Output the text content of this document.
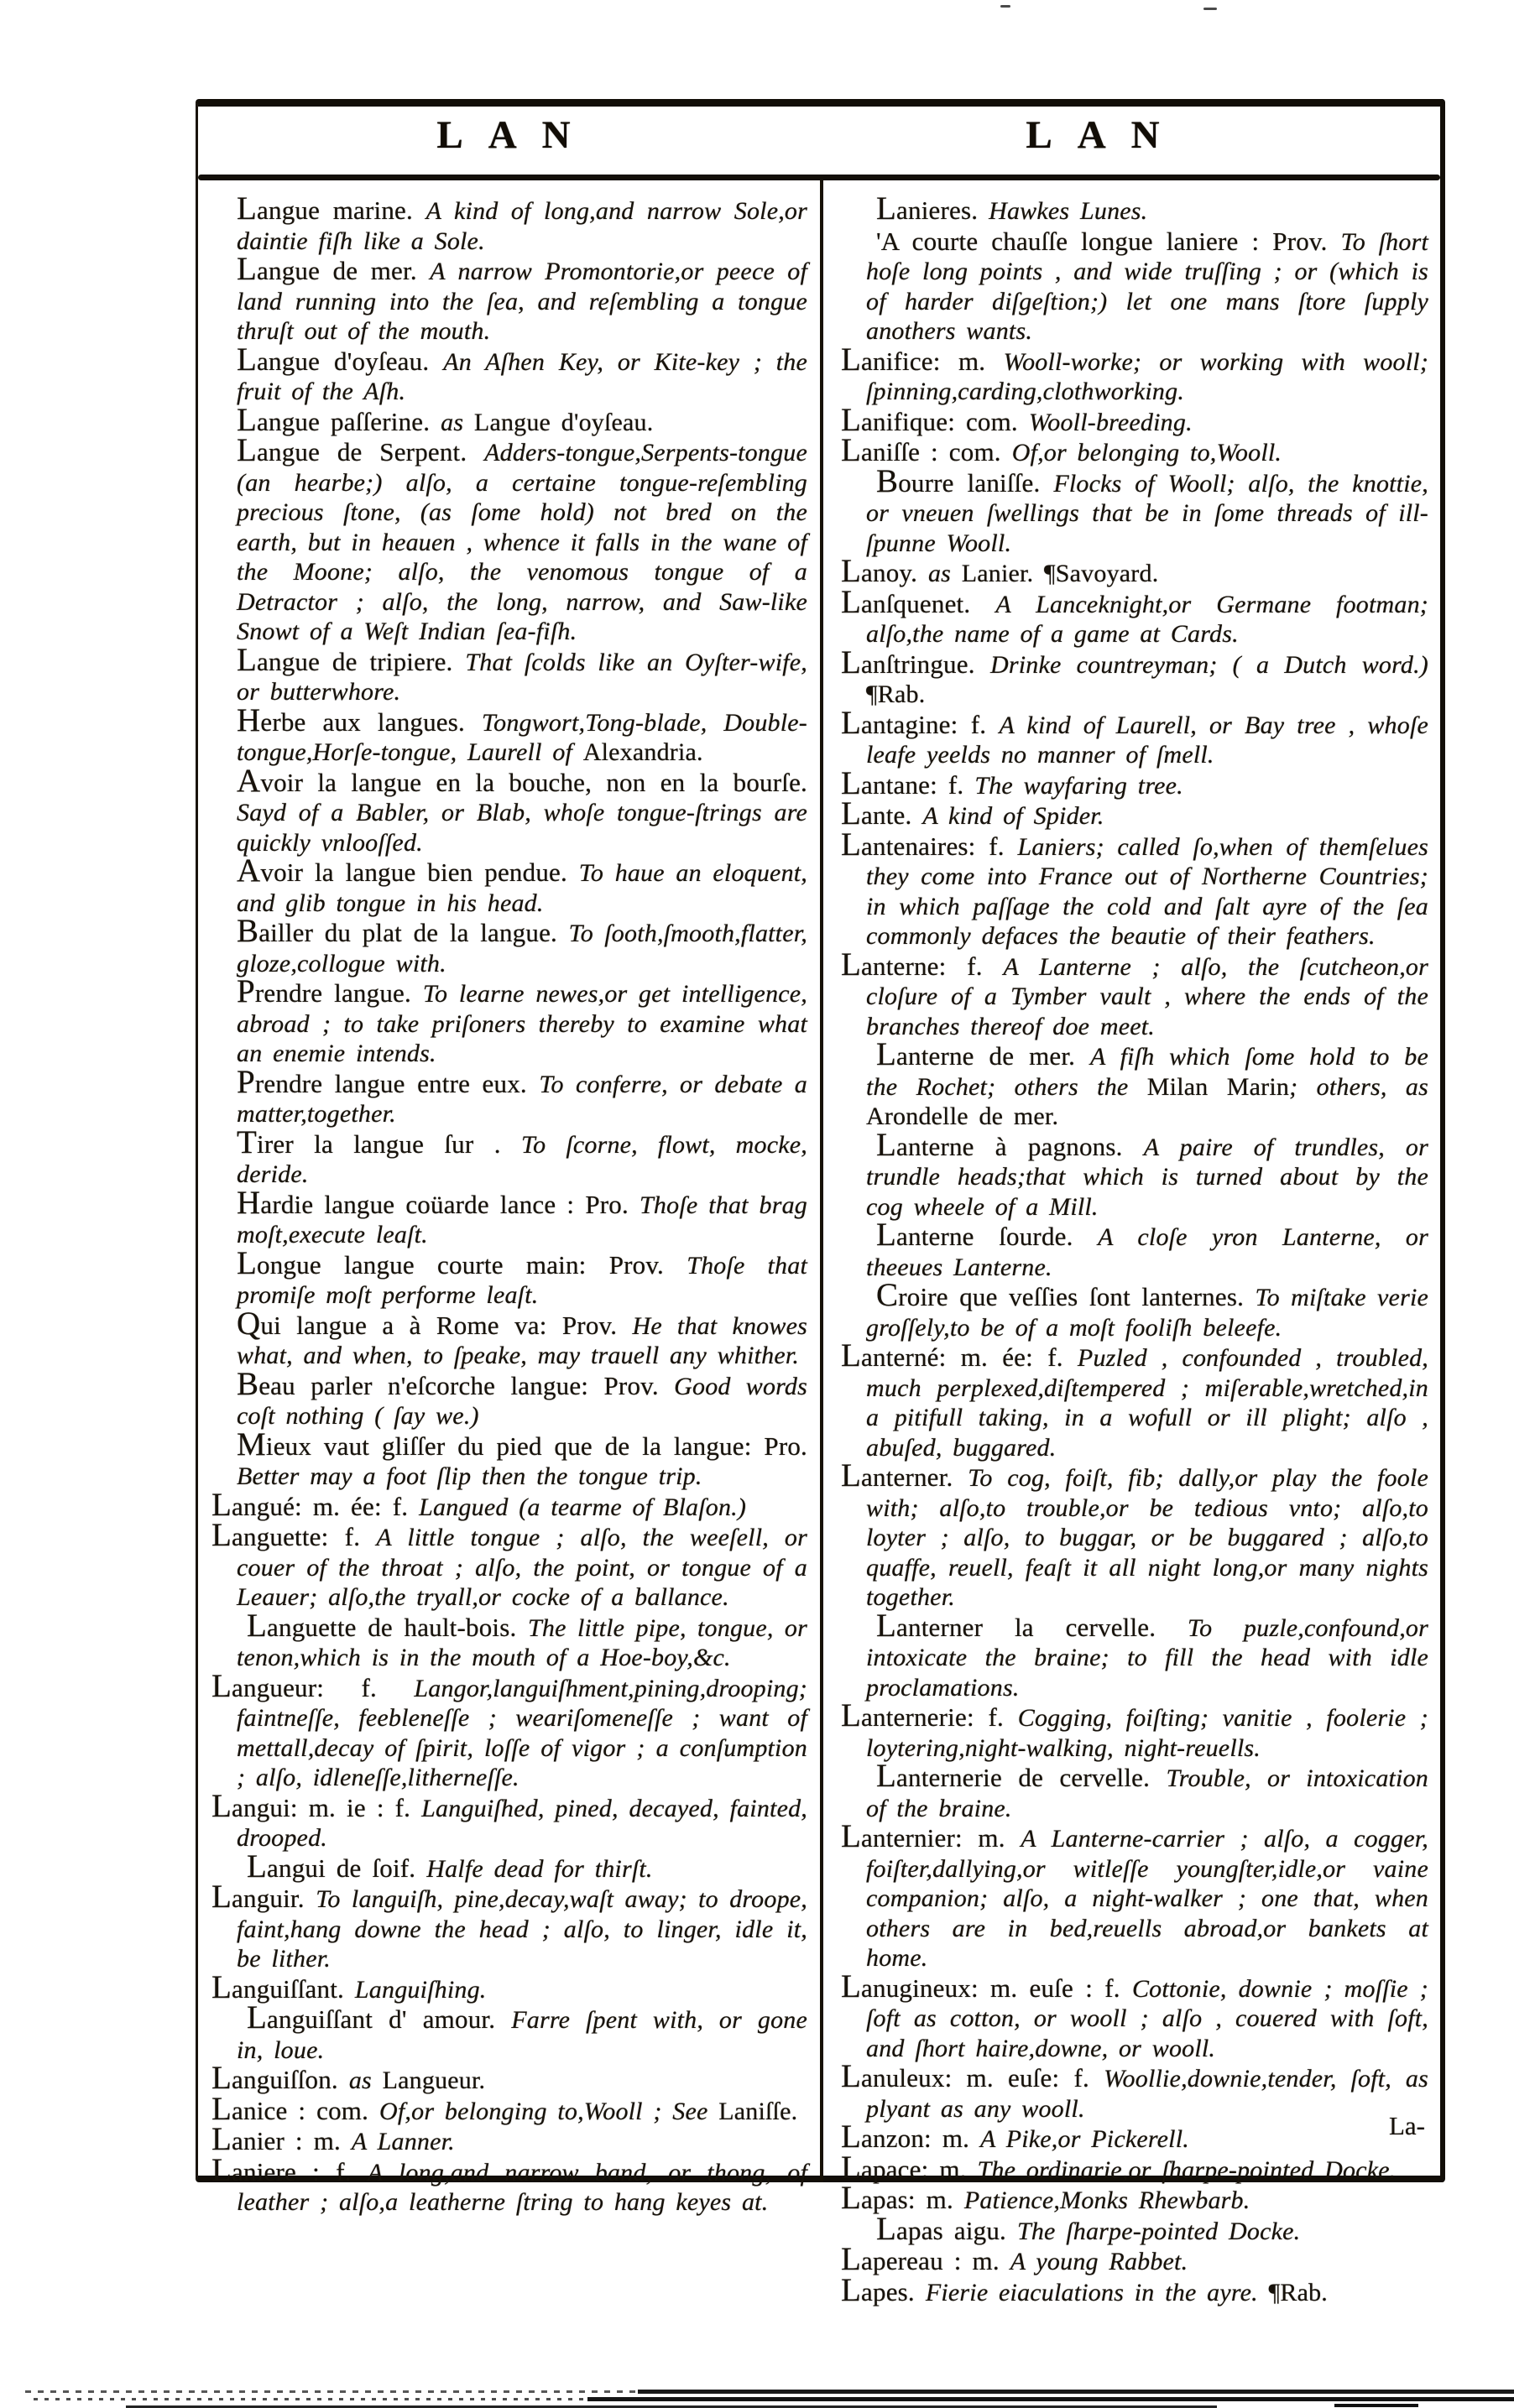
LAN	LAN

Langue marine. A kind of long,and narrow Sole,or daintie fiſh like a Sole.

Langue de mer. A narrow Promontorie,or peece of land running into the ſea, and reſembling a tongue thruſt out of the mouth.

Langue d'oyſeau. An Aſhen Key, or Kite-key ; the fruit of the Aſh.

Langue paſſerine. as Langue d'oyſeau.

Langue de Serpent. Adders-tongue,Serpents-tongue (an hearbe;) alſo, a certaine tongue-reſembling precious ſtone, (as ſome hold) not bred on the earth, but in heauen , whence it falls in the wane of the Moone; alſo, the venomous tongue of a Detractor ; alſo, the long, narrow, and Saw-like Snowt of a Weſt Indian ſea-fiſh.

Langue de tripiere. That ſcolds like an Oyſter-wife, or butterwhore.

Herbe aux langues. Tongwort,Tong-blade, Double-tongue,Horſe-tongue, Laurell of Alexandria.

Avoir la langue en la bouche, non en la bourſe. Sayd of a Babler, or Blab, whoſe tongue-ſtrings are quickly vnlooſſed.

Avoir la langue bien pendue. To haue an eloquent, and glib tongue in his head.

Bailler du plat de la langue. To ſooth,ſmooth,flatter, gloze,collogue with.

Prendre langue. To learne newes,or get intelligence, abroad ; to take priſoners thereby to examine what an enemie intends.

Prendre langue entre eux. To conferre, or debate a matter,together.

Tirer la langue ſur . To ſcorne, flowt, mocke, deride.

Hardie langue coüarde lance : Pro. Thoſe that brag moſt,execute leaſt.

Longue langue courte main: Prov. Thoſe that promiſe moſt performe leaſt.

Qui langue a à Rome va: Prov. He that knowes what, and when, to ſpeake, may trauell any whither.

Beau parler n'eſcorche langue: Prov. Good words coſt nothing ( ſay we.)

Mieux vaut gliſſer du pied que de la langue: Pro. Better may a foot ſlip then the tongue trip.

Langué: m. ée: f. Langued (a tearme of Blaſon.)

Languette: f. A little tongue ; alſo, the weeſell, or couer of the throat ; alſo, the point, or tongue of a Leauer; alſo,the tryall,or cocke of a ballance.

Languette de hault-bois. The little pipe, tongue, or tenon,which is in the mouth of a Hoe-boy,&c.

Langueur: f. Langor,languiſhment,pining,drooping; faintneſſe, feebleneſſe ; weariſomeneſſe ; want of mettall,decay of ſpirit, loſſe of vigor ; a conſumption ; alſo, idleneſſe,litherneſſe.

Langui: m. ie : f. Languiſhed, pined, decayed, fainted, drooped.

Langui de ſoif. Halfe dead for thirſt.

Languir. To languiſh, pine,decay,waſt away; to droope, faint,hang downe the head ; alſo, to linger, idle it, be lither.

Languiſſant. Languiſhing.

Languiſſant d' amour. Farre ſpent with, or gone in, loue.

Languiſſon. as Langueur.

Lanice : com. Of,or belonging to,Wooll ; See Laniſſe.

Lanier : m. A Lanner.

Laniere : f. A long,and narrow band, or thong, of leather ; alſo,a leatherne ſtring to hang keyes at.

Lanieres. Hawkes Lunes.

'A courte chauſſe longue laniere : Prov. To ſhort hoſe long points , and wide truſſing ; or (which is of harder diſgeſtion;) let one mans ſtore ſupply anothers wants.

Lanifice: m. Wooll-worke; or working with wooll; ſpinning,carding,clothworking.

Lanifique: com. Wooll-breeding.

Laniſſe : com. Of,or belonging to,Wooll.

Bourre laniſſe. Flocks of Wooll; alſo, the knottie, or vneuen ſwellings that be in ſome threads of ill-ſpunne Wooll.

Lanoy. as Lanier. ¶Savoyard.

Lanſquenet. A Lanceknight,or Germane footman; alſo,the name of a game at Cards.

Lanſtringue. Drinke countreyman; ( a Dutch word.) ¶Rab.

Lantagine: f. A kind of Laurell, or Bay tree , whoſe leafe yeelds no manner of ſmell.

Lantane: f. The wayfaring tree.

Lante. A kind of Spider.

Lantenaires: f. Laniers; called ſo,when of themſelues they come into France out of Northerne Countries; in which paſſage the cold and ſalt ayre of the ſea commonly defaces the beautie of their feathers.

Lanterne: f. A Lanterne ; alſo, the ſcutcheon,or cloſure of a Tymber vault , where the ends of the branches thereof doe meet.

Lanterne de mer. A fiſh which ſome hold to be the Rochet; others the Milan Marin; others, as Arondelle de mer.

Lanterne à pagnons. A paire of trundles, or trundle heads;that which is turned about by the cog wheele of a Mill.

Lanterne ſourde. A cloſe yron Lanterne, or theeues Lanterne.

Croire que veſſies ſont lanternes. To miſtake verie groſſely,to be of a moſt fooliſh beleefe.

Lanterné: m. ée: f. Puzled , confounded , troubled, much perplexed,diſtempered ; miſerable,wretched,in a pitifull taking, in a wofull or ill plight; alſo , abuſed, buggared.

Lanterner. To cog, foiſt, fib; dally,or play the foole with; alſo,to trouble,or be tedious vnto; alſo,to loyter ; alſo, to buggar, or be buggared ; alſo,to quaffe, reuell, feaſt it all night long,or many nights together.

Lanterner la cervelle. To puzle,confound,or intoxicate the braine; to fill the head with idle proclamations.

Lanternerie: f. Cogging, foiſting; vanitie , foolerie ; loytering,night-walking, night-reuells.

Lanternerie de cervelle. Trouble, or intoxication of the braine.

Lanternier: m. A Lanterne-carrier ; alſo, a cogger, foiſter,dallying,or witleſſe youngſter,idle,or vaine companion; alſo, a night-walker ; one that, when others are in bed,reuells abroad,or bankets at home.

Lanugineux: m. euſe : f. Cottonie, downie ; moſſie ; ſoft as cotton, or wooll ; alſo , couered with ſoft, and ſhort haire,downe, or wooll.

Lanuleux: m. euſe: f. Woollie,downie,tender, ſoft, as plyant as any wooll.

Lanzon: m. A Pike,or Pickerell.

Lapace: m. The ordinarie,or ſharpe-pointed Docke.

Lapas: m. Patience,Monks Rhewbarb.

Lapas aigu. The ſharpe-pointed Docke.

Lapereau : m. A young Rabbet.

Lapes. Fierie eiaculations in the ayre. ¶Rab.

La-
